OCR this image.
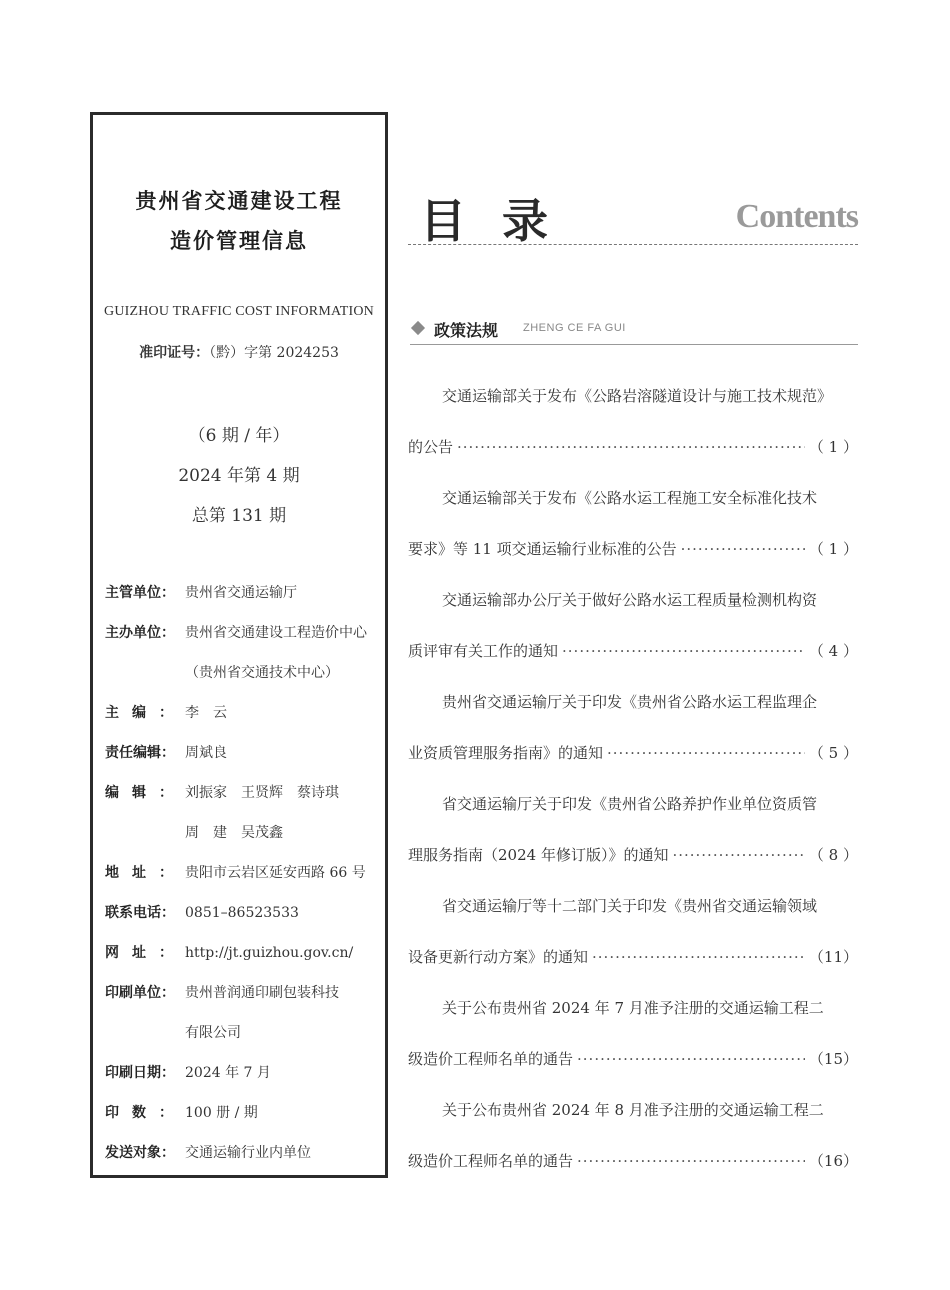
贵州省交通建设工程
造价管理信息
GUIZHOU TRAFFIC COST INFORMATION
准印证号：（黔）字第 2024253
（6 期 / 年）
2024 年第 4 期
总第 131 期
主管单位： 贵州省交通运输厅
主办单位： 贵州省交通建设工程造价中心
（贵州省交通技术中心）
主编： 李　云
责任编辑： 周斌良
编辑： 刘振家　王贤辉　蔡诗琪
周　建　吴茂鑫
地址： 贵阳市云岩区延安西路 66 号
联系电话： 0851–86523533
网址： http://jt.guizhou.gov.cn/
印刷单位： 贵州普润通印刷包装科技
有限公司
印刷日期： 2024 年 7 月
印数： 100 册 / 期
发送对象： 交通运输行业内单位
目录	Contents
政策法规 ZHENG CE FA GUI
交通运输部关于发布《公路岩溶隧道设计与施工技术规范》
的公告 ·····	（ 1 ）
交通运输部关于发布《公路水运工程施工安全标准化技术
要求》等 11 项交通运输行业标准的公告 ·····	（ 1 ）
交通运输部办公厅关于做好公路水运工程质量检测机构资
质评审有关工作的通知 ·····	（ 4 ）
贵州省交通运输厅关于印发《贵州省公路水运工程监理企
业资质管理服务指南》的通知 ·····	（ 5 ）
省交通运输厅关于印发《贵州省公路养护作业单位资质管
理服务指南（2024 年修订版）》的通知 ·····	（ 8 ）
省交通运输厅等十二部门关于印发《贵州省交通运输领域
设备更新行动方案》的通知 ·····	（11）
关于公布贵州省 2024 年 7 月准予注册的交通运输工程二
级造价工程师名单的通告 ·····	（15）
关于公布贵州省 2024 年 8 月准予注册的交通运输工程二
级造价工程师名单的通告 ·····	（16）
